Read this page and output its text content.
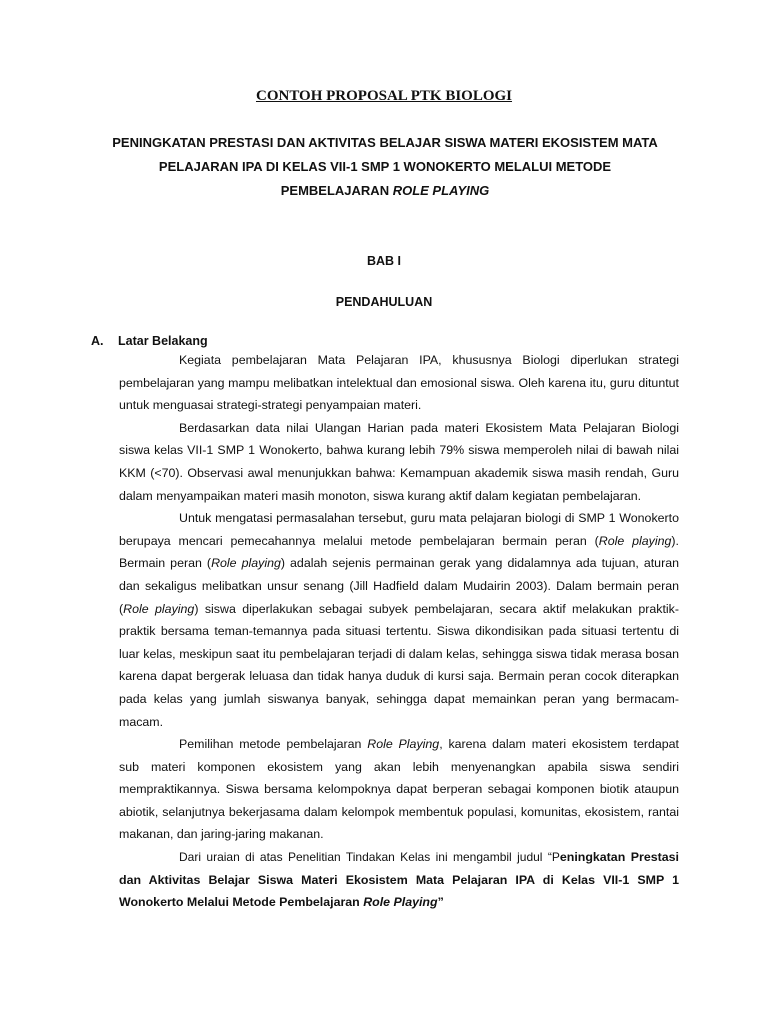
CONTOH PROPOSAL PTK BIOLOGI
PENINGKATAN PRESTASI DAN AKTIVITAS BELAJAR SISWA MATERI EKOSISTEM MATA PELAJARAN IPA DI KELAS VII-1 SMP 1 WONOKERTO MELALUI METODE PEMBELAJARAN ROLE PLAYING
BAB I
PENDAHULUAN
A. Latar Belakang

Kegiata pembelajaran Mata Pelajaran IPA, khususnya Biologi diperlukan strategi pembelajaran yang mampu melibatkan intelektual dan emosional siswa. Oleh karena itu, guru dituntut untuk menguasai strategi-strategi penyampaian materi.

Berdasarkan data nilai Ulangan Harian pada materi Ekosistem Mata Pelajaran Biologi siswa kelas VII-1 SMP 1 Wonokerto, bahwa kurang lebih 79% siswa memperoleh nilai di bawah nilai KKM (<70). Observasi awal menunjukkan bahwa: Kemampuan akademik siswa masih rendah, Guru dalam menyampaikan materi masih monoton, siswa kurang aktif dalam kegiatan pembelajaran.

Untuk mengatasi permasalahan tersebut, guru mata pelajaran biologi di SMP 1 Wonokerto berupaya mencari pemecahannya melalui metode pembelajaran bermain peran (Role playing). Bermain peran (Role playing) adalah sejenis permainan gerak yang didalamnya ada tujuan, aturan dan sekaligus melibatkan unsur senang (Jill Hadfield dalam Mudairin 2003). Dalam bermain peran (Role playing) siswa diperlakukan sebagai subyek pembelajaran, secara aktif melakukan praktik-praktik bersama teman-temannya pada situasi tertentu. Siswa dikondisikan pada situasi tertentu di luar kelas, meskipun saat itu pembelajaran terjadi di dalam kelas, sehingga siswa tidak merasa bosan karena dapat bergerak leluasa dan tidak hanya duduk di kursi saja. Bermain peran cocok diterapkan pada kelas yang jumlah siswanya banyak, sehingga dapat memainkan peran yang bermacam-macam.

Pemilihan metode pembelajaran Role Playing, karena dalam materi ekosistem terdapat sub materi komponen ekosistem yang akan lebih menyenangkan apabila siswa sendiri mempraktikannya. Siswa bersama kelompoknya dapat berperan sebagai komponen biotik ataupun abiotik, selanjutnya bekerjasama dalam kelompok membentuk populasi, komunitas, ekosistem, rantai makanan, dan jaring-jaring makanan.

Dari uraian di atas Penelitian Tindakan Kelas ini mengambil judul “Peningkatan Prestasi dan Aktivitas Belajar Siswa Materi Ekosistem Mata Pelajaran IPA di Kelas VII-1 SMP 1 Wonokerto Melalui Metode Pembelajaran Role Playing”
